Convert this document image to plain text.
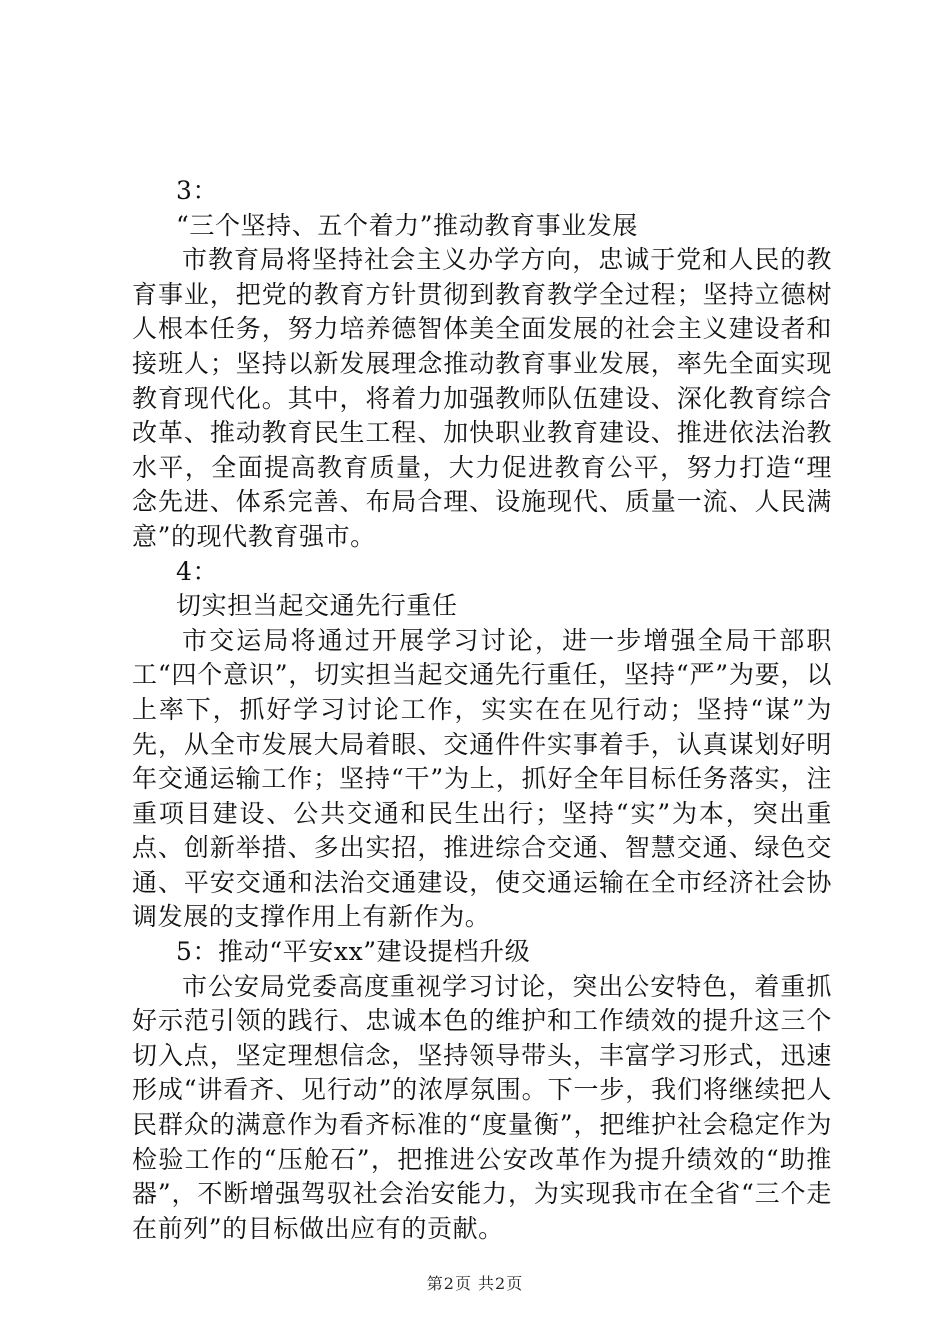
3：

“三个坚持、五个着力”推动教育事业发展

市教育局将坚持社会主义办学方向，忠诚于党和人民的教育事业，把党的教育方针贯彻到教育教学全过程；坚持立德树人根本任务，努力培养德智体美全面发展的社会主义建设者和接班人；坚持以新发展理念推动教育事业发展，率先全面实现教育现代化。其中，将着力加强教师队伍建设、深化教育综合改革、推动教育民生工程、加快职业教育建设、推进依法治教水平，全面提高教育质量，大力促进教育公平，努力打造“理念先进、体系完善、布局合理、设施现代、质量一流、人民满意”的现代教育强市。

4：

切实担当起交通先行重任

市交运局将通过开展学习讨论，进一步增强全局干部职工“四个意识”，切实担当起交通先行重任，坚持“严”为要，以上率下，抓好学习讨论工作，实实在在见行动；坚持“谋”为先，从全市发展大局着眼、交通件件实事着手，认真谋划好明年交通运输工作；坚持“干”为上，抓好全年目标任务落实，注重项目建设、公共交通和民生出行；坚持“实”为本，突出重点、创新举措、多出实招，推进综合交通、智慧交通、绿色交通、平安交通和法治交通建设，使交通运输在全市经济社会协调发展的支撑作用上有新作为。

5：推动“平安xx”建设提档升级

市公安局党委高度重视学习讨论，突出公安特色，着重抓好示范引领的践行、忠诚本色的维护和工作绩效的提升这三个切入点，坚定理想信念，坚持领导带头，丰富学习形式，迅速形成“讲看齐、见行动”的浓厚氛围。下一步，我们将继续把人民群众的满意作为看齐标准的“度量衡”，把维护社会稳定作为检验工作的“压舱石”，把推进公安改革作为提升绩效的“助推器”，不断增强驾驭社会治安能力，为实现我市在全省“三个走在前列”的目标做出应有的贡献。

第2页 共2页
